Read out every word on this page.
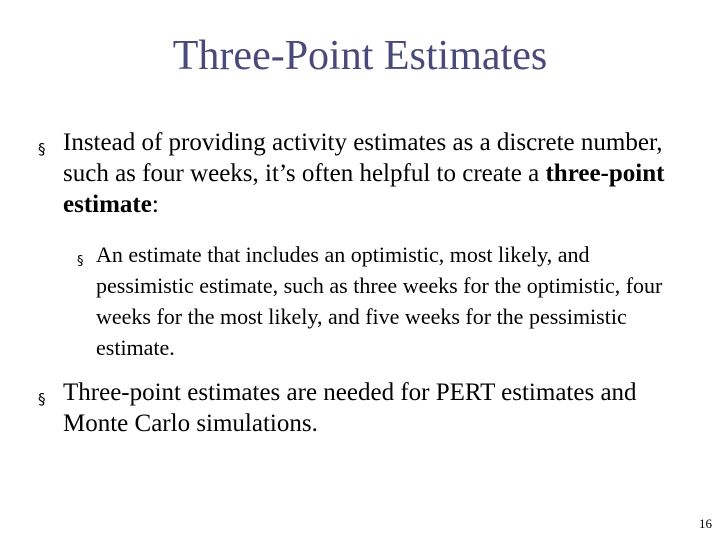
Three-Point Estimates
§ Instead of providing activity estimates as a discrete number, such as four weeks, it’s often helpful to create a three-point estimate:
§ An estimate that includes an optimistic, most likely, and pessimistic estimate, such as three weeks for the optimistic, four weeks for the most likely, and five weeks for the pessimistic estimate.
§ Three-point estimates are needed for PERT estimates and Monte Carlo simulations.
16
